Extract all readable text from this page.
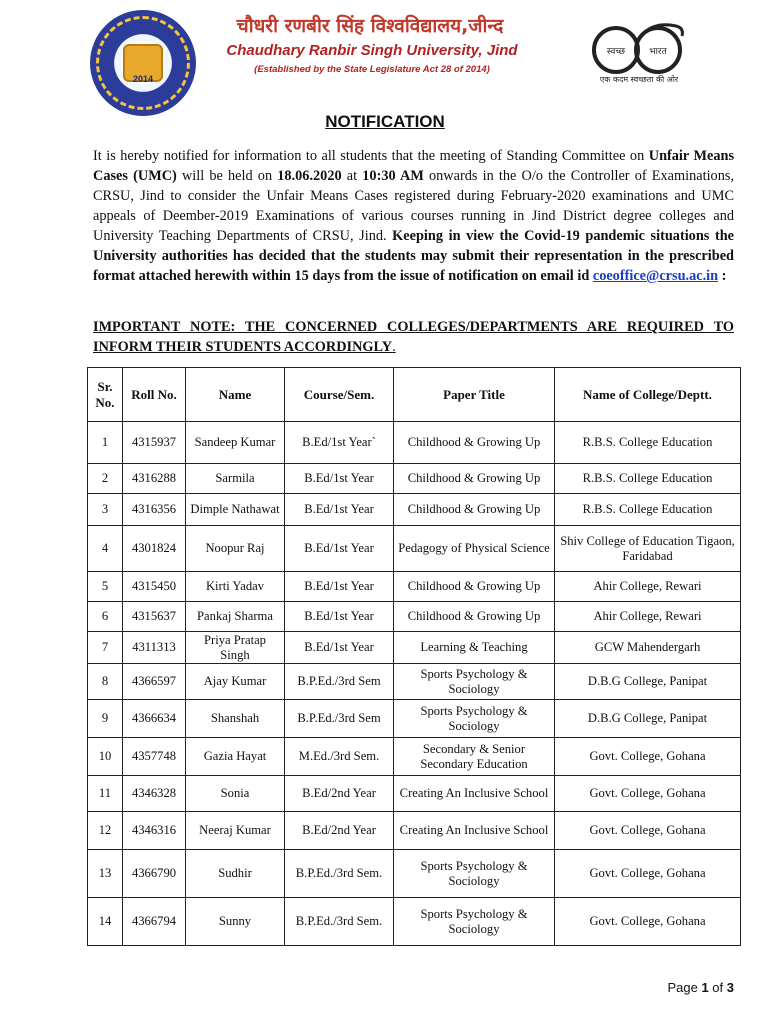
2014
चौधरी रणबीर सिंह विश्वविद्यालय,जीन्द
Chaudhary Ranbir Singh University, Jind
(Established by the State Legislature Act 28 of 2014)
स्वच्छ	भारत
एक कदम स्वच्छता की ओर
NOTIFICATION
It is hereby notified for information to all students that the meeting of Standing Committee on Unfair Means Cases (UMC) will be held on 18.06.2020 at 10:30 AM onwards in the O/o the Controller of Examinations, CRSU, Jind to consider the Unfair Means Cases registered during February-2020 examinations and UMC appeals of Deember-2019 Examinations of various courses running in Jind District degree colleges and University Teaching Departments of CRSU, Jind. Keeping in view the Covid-19 pandemic situations the University authorities has decided that the students may submit their representation in the prescribed format attached herewith within 15 days from the issue of notification on email id coeoffice@crsu.ac.in :
IMPORTANT NOTE: THE CONCERNED COLLEGES/DEPARTMENTS ARE REQUIRED TO INFORM THEIR STUDENTS ACCORDINGLY.
Sr. No.	Roll No.	Name	Course/Sem.	Paper Title	Name of College/Deptt.
1	4315937	Sandeep Kumar	B.Ed/1st Year`	Childhood & Growing Up	R.B.S. College Education
2	4316288	Sarmila	B.Ed/1st Year	Childhood & Growing Up	R.B.S. College Education
3	4316356	Dimple Nathawat	B.Ed/1st Year	Childhood & Growing Up	R.B.S. College Education
4	4301824	Noopur Raj	B.Ed/1st Year	Pedagogy of Physical Science	Shiv College of Education Tigaon, Faridabad
5	4315450	Kirti Yadav	B.Ed/1st Year	Childhood & Growing Up	Ahir College, Rewari
6	4315637	Pankaj Sharma	B.Ed/1st Year	Childhood & Growing Up	Ahir College, Rewari
7	4311313	Priya Pratap Singh	B.Ed/1st Year	Learning & Teaching	GCW Mahendergarh
8	4366597	Ajay Kumar	B.P.Ed./3rd Sem	Sports Psychology & Sociology	D.B.G College, Panipat
9	4366634	Shanshah	B.P.Ed./3rd Sem	Sports Psychology & Sociology	D.B.G College, Panipat
10	4357748	Gazia Hayat	M.Ed./3rd Sem.	Secondary & Senior Secondary Education	Govt. College, Gohana
11	4346328	Sonia	B.Ed/2nd Year	Creating An Inclusive School	Govt. College, Gohana
12	4346316	Neeraj Kumar	B.Ed/2nd Year	Creating An Inclusive School	Govt. College, Gohana
13	4366790	Sudhir	B.P.Ed./3rd Sem.	Sports Psychology & Sociology	Govt. College, Gohana
14	4366794	Sunny	B.P.Ed./3rd Sem.	Sports Psychology & Sociology	Govt. College, Gohana
Page 1 of 3
